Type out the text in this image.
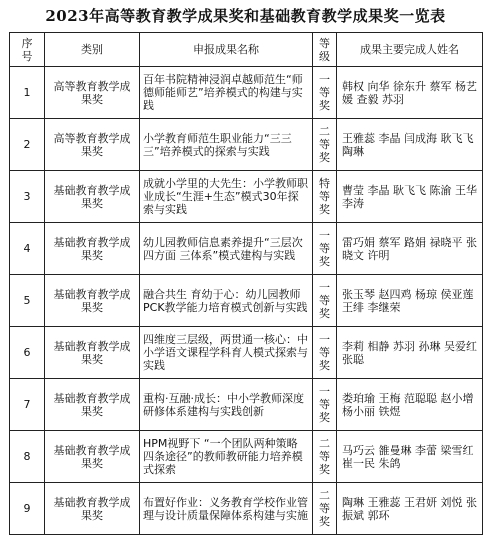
2023年高等教育教学成果奖和基础教育教学成果奖一览表
序号	类别	申报成果名称	等级	成果主要完成人姓名
1	高等教育教学成果奖	百年书院精神浸润卓越师范生“师德师能师艺”培养模式的构建与实践	一等奖	韩权 向华 徐东升 蔡军 杨艺媛 查毅 苏羽
2	高等教育教学成果奖	小学教育师范生职业能力“三三三”培养模式的探索与实践	二等奖	王雅蕊 李晶 闫成海 耿飞飞 陶琳
3	基础教育教学成果奖	成就小学里的大先生：小学教师职业成长“生涯+生态”模式30年探索与实践	特等奖	曹莹 李晶 耿飞飞 陈渝 王华 李涛
4	基础教育教学成果奖	幼儿园教师信息素养提升“三层次 四方面 三体系”模式建构与实践	一等奖	雷巧娟 蔡军 路娟 禄晓平 张晓文 许明
5	基础教育教学成果奖	融合共生 育幼于心：幼儿园教师PCK教学能力培育模式创新与实践	一等奖	张玉琴 赵四鸡 杨琼 侯亚莲 王绯 李继荣
6	基础教育教学成果奖	四维度三层级，两贯通一核心：中小学语文课程学科育人模式探索与实践	一等奖	李莉 相静 苏羽 孙琳 吴爱红 张聪
7	基础教育教学成果奖	重构·互融·成长：中小学教师深度研修体系建构与实践创新	一等奖	娄珀瑜 王梅 范聪聪 赵小增 杨小丽 铁煜
8	基础教育教学成果奖	HPM视野下 “一个团队两种策略 四条途径”的教师教研能力培养模式探索	二等奖	马巧云 雒曼琳 李蕾 梁雪红 崔一民 朱鸽
9	基础教育教学成果奖	布置好作业：义务教育学校作业管理与设计质量保障体系构建与实施	二等奖	陶琳 王雅蕊 王君妍 刘悦 张振斌 郭环
